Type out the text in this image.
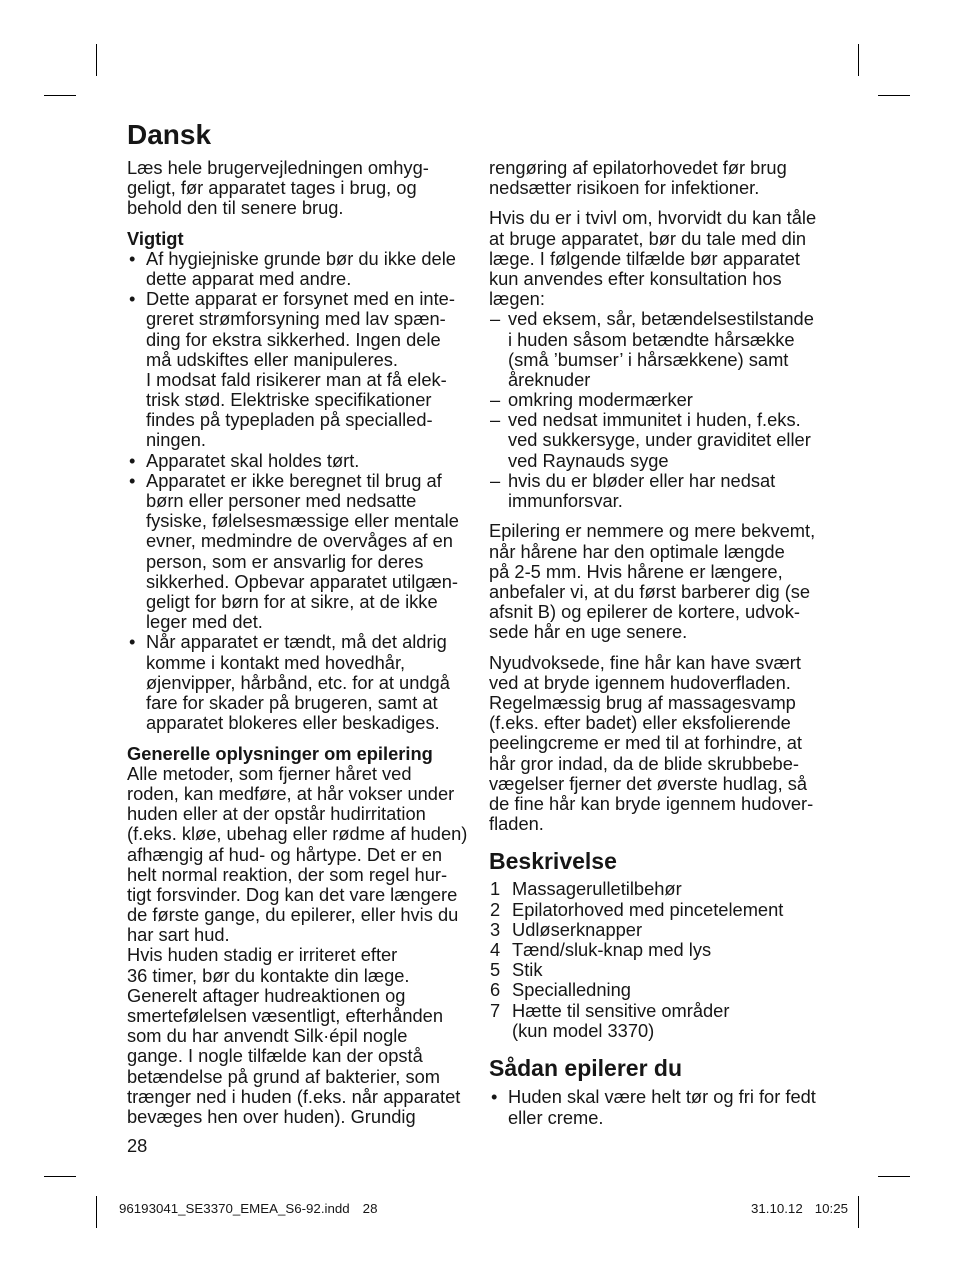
Dansk
Læs hele brugervejledningen omhyg-
geligt, før apparatet tages i brug, og
behold den til senere brug.
Vigtigt
• Af hygiejniske grunde bør du ikke dele
dette apparat med andre.
• Dette apparat er forsynet med en inte-
greret strømforsyning med lav spæn-
ding for ekstra sikkerhed. Ingen dele
må udskiftes eller manipuleres.
I modsat fald risikerer man at få elek-
trisk stød. Elektriske specifikationer
findes på typepladen på specialled-
ningen.
• Apparatet skal holdes tørt.
• Apparatet er ikke beregnet til brug af
børn eller personer med nedsatte
fysiske, følelsesmæssige eller mentale
evner, medmindre de overvåges af en
person, som er ansvarlig for deres
sikkerhed. Opbevar apparatet utilgæn-
geligt for børn for at sikre, at de ikke
leger med det.
• Når apparatet er tændt, må det aldrig
komme i kontakt med hovedhår,
øjenvipper, hårbånd, etc. for at undgå
fare for skader på brugeren, samt at
apparatet blokeres eller beskadiges.
Generelle oplysninger om epilering
Alle metoder, som fjerner håret ved
roden, kan medføre, at hår vokser under
huden eller at der opstår hudirritation
(f.eks. kløe, ubehag eller rødme af huden)
afhængig af hud- og hårtype. Det er en
helt normal reaktion, der som regel hur-
tigt forsvinder. Dog kan det vare længere
de første gange, du epilerer, eller hvis du
har sart hud.
Hvis huden stadig er irriteret efter
36 timer, bør du kontakte din læge.
Generelt aftager hudreaktionen og
smertefølelsen væsentligt, efterhånden
som du har anvendt Silk·épil nogle
gange. I nogle tilfælde kan der opstå
betændelse på grund af bakterier, som
trænger ned i huden (f.eks. når apparatet
bevæges hen over huden). Grundig
rengøring af epilatorhovedet før brug
nedsætter risikoen for infektioner.
Hvis du er i tvivl om, hvorvidt du kan tåle
at bruge apparatet, bør du tale med din
læge. I følgende tilfælde bør apparatet
kun anvendes efter konsultation hos
lægen:
– ved eksem, sår, betændelsestilstande
i huden såsom betændte hårsække
(små ’bumser’ i hårsækkene) samt
åreknuder
– omkring modermærker
– ved nedsat immunitet i huden, f.eks.
ved sukkersyge, under graviditet eller
ved Raynauds syge
– hvis du er bløder eller har nedsat
immunforsvar.
Epilering er nemmere og mere bekvemt,
når hårene har den optimale længde
på 2-5 mm. Hvis hårene er længere,
anbefaler vi, at du først barberer dig (se
afsnit B) og epilerer de kortere, udvok-
sede hår en uge senere.
Nyudvoksede, fine hår kan have svært
ved at bryde igennem hudoverfladen.
Regelmæssig brug af massagesvamp
(f.eks. efter badet) eller eksfolierende
peelingcreme er med til at forhindre, at
hår gror indad, da de blide skrubbebe-
vægelser fjerner det øverste hudlag, så
de fine hår kan bryde igennem hudover-
fladen.
Beskrivelse
1 Massagerulletilbehør
2 Epilatorhoved med pincetelement
3 Udløserknapper
4 Tænd/sluk-knap med lys
5 Stik
6 Specialledning
7 Hætte til sensitive områder
(kun model 3370)
Sådan epilerer du
• Huden skal være helt tør og fri for fedt
eller creme.
28
96193041_SE3370_EMEA_S6-92.indd 28	31.10.12 10:25
